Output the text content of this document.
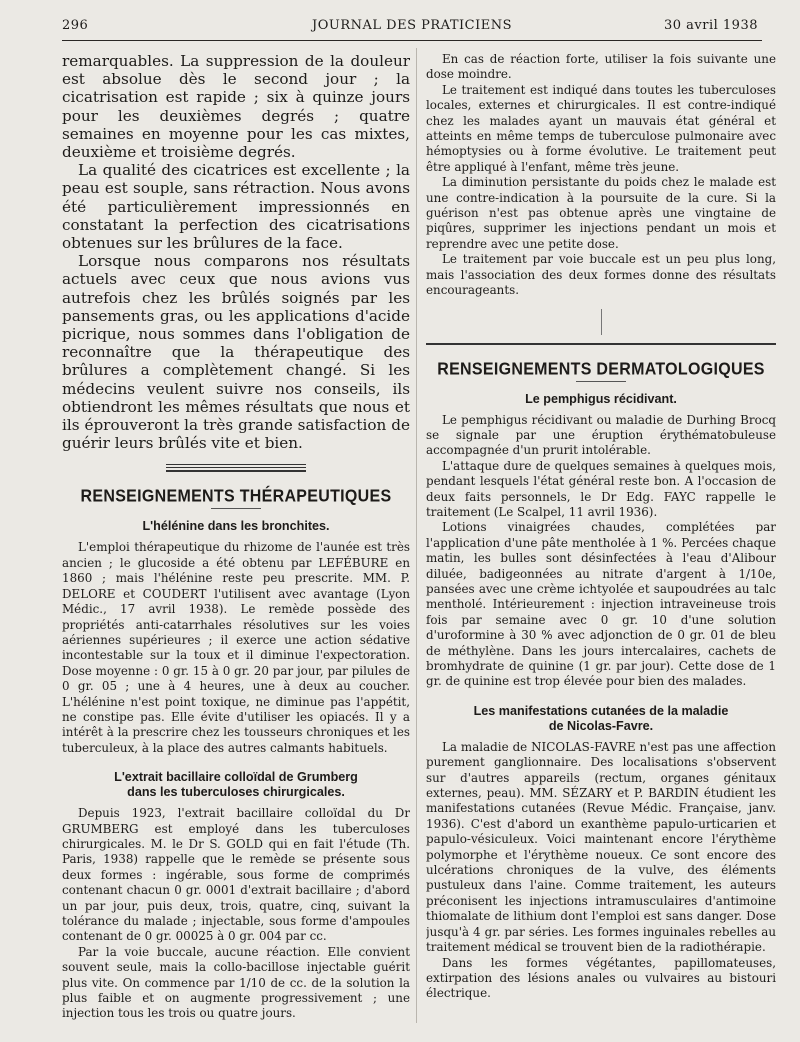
296	JOURNAL DES PRATICIENS	30 avril 1938

remarquables. La suppression de la douleur est absolue dès le second jour ; la cicatrisation est rapide ; six à quinze jours pour les deuxièmes degrés ; quatre semaines en moyenne pour les cas mixtes, deuxième et troisième degrés.

La qualité des cicatrices est excellente ; la peau est souple, sans rétraction. Nous avons été particulièrement impressionnés en constatant la perfection des cicatrisations obtenues sur les brûlures de la face.

Lorsque nous comparons nos résultats actuels avec ceux que nous avions vus autrefois chez les brûlés soignés par les pansements gras, ou les applications d'acide picrique, nous sommes dans l'obligation de reconnaître que la thérapeutique des brûlures a complètement changé. Si les médecins veulent suivre nos conseils, ils obtiendront les mêmes résultats que nous et ils éprouveront la très grande satisfaction de guérir leurs brûlés vite et bien.

RENSEIGNEMENTS THÉRAPEUTIQUES
L'hélénine dans les bronchites.

L'emploi thérapeutique du rhizome de l'aunée est très ancien ; le glucoside a été obtenu par LEFÉBURE en 1860 ; mais l'hélénine reste peu prescrite. MM. P. DELORE et COUDERT l'utilisent avec avantage (Lyon Médic., 17 avril 1938). Le remède possède des propriétés anti-catarrhales résolutives sur les voies aériennes supérieures ; il exerce une action sédative incontestable sur la toux et il diminue l'expectoration. Dose moyenne : 0 gr. 15 à 0 gr. 20 par jour, par pilules de 0 gr. 05 ; une à 4 heures, une à deux au coucher. L'hélénine n'est point toxique, ne diminue pas l'appétit, ne constipe pas. Elle évite d'utiliser les opiacés. Il y a intérêt à la prescrire chez les tousseurs chroniques et les tuberculeux, à la place des autres calmants habituels.

L'extrait bacillaire colloïdal de Grumberg
dans les tuberculoses chirurgicales.

Depuis 1923, l'extrait bacillaire colloïdal du Dr GRUMBERG est employé dans les tuberculoses chirurgicales. M. le Dr S. GOLD qui en fait l'étude (Th. Paris, 1938) rappelle que le remède se présente sous deux formes : ingérable, sous forme de comprimés contenant chacun 0 gr. 0001 d'extrait bacillaire ; d'abord un par jour, puis deux, trois, quatre, cinq, suivant la tolérance du malade ; injectable, sous forme d'ampoules contenant de 0 gr. 00025 à 0 gr. 004 par cc.

Par la voie buccale, aucune réaction. Elle convient souvent seule, mais la collo-bacillose injectable guérit plus vite. On commence par 1/10 de cc. de la solution la plus faible et on augmente progressivement ; une injection tous les trois ou quatre jours.

En cas de réaction forte, utiliser la fois suivante une dose moindre.

Le traitement est indiqué dans toutes les tuberculoses locales, externes et chirurgicales. Il est contre-indiqué chez les malades ayant un mauvais état général et atteints en même temps de tuberculose pulmonaire avec hémoptysies ou à forme évolutive. Le traitement peut être appliqué à l'enfant, même très jeune.

La diminution persistante du poids chez le malade est une contre-indication à la poursuite de la cure. Si la guérison n'est pas obtenue après une vingtaine de piqûres, supprimer les injections pendant un mois et reprendre avec une petite dose.

Le traitement par voie buccale est un peu plus long, mais l'association des deux formes donne des résultats encourageants.

RENSEIGNEMENTS DERMATOLOGIQUES
Le pemphigus récidivant.

Le pemphigus récidivant ou maladie de Durhing Brocq se signale par une éruption érythématobuleuse accompagnée d'un prurit intolérable.

L'attaque dure de quelques semaines à quelques mois, pendant lesquels l'état général reste bon. A l'occasion de deux faits personnels, le Dr Edg. FAYC rappelle le traitement (Le Scalpel, 11 avril 1936).

Lotions vinaigrées chaudes, complétées par l'application d'une pâte mentholée à 1 %. Percées chaque matin, les bulles sont désinfectées à l'eau d'Alibour diluée, badigeonnées au nitrate d'argent à 1/10e, pansées avec une crème ichtyolée et saupoudrées au talc mentholé. Intérieurement : injection intraveineuse trois fois par semaine avec 0 gr. 10 d'une solution d'uroformine à 30 % avec adjonction de 0 gr. 01 de bleu de méthylène. Dans les jours intercalaires, cachets de bromhydrate de quinine (1 gr. par jour). Cette dose de 1 gr. de quinine est trop élevée pour bien des malades.

Les manifestations cutanées de la maladie
de Nicolas-Favre.

La maladie de NICOLAS-FAVRE n'est pas une affection purement ganglionnaire. Des localisations s'observent sur d'autres appareils (rectum, organes génitaux externes, peau). MM. SÉZARY et P. BARDIN étudient les manifestations cutanées (Revue Médic. Française, janv. 1936). C'est d'abord un exanthème papulo-urticarien et papulo-vésiculeux. Voici maintenant encore l'érythème polymorphe et l'érythème noueux. Ce sont encore des ulcérations chroniques de la vulve, des éléments pustuleux dans l'aine. Comme traitement, les auteurs préconisent les injections intramusculaires d'antimoine thiomalate de lithium dont l'emploi est sans danger. Dose jusqu'à 4 gr. par séries. Les formes inguinales rebelles au traitement médical se trouvent bien de la radiothérapie.

Dans les formes végétantes, papillomateuses, extirpation des lésions anales ou vulvaires au bistouri électrique.
